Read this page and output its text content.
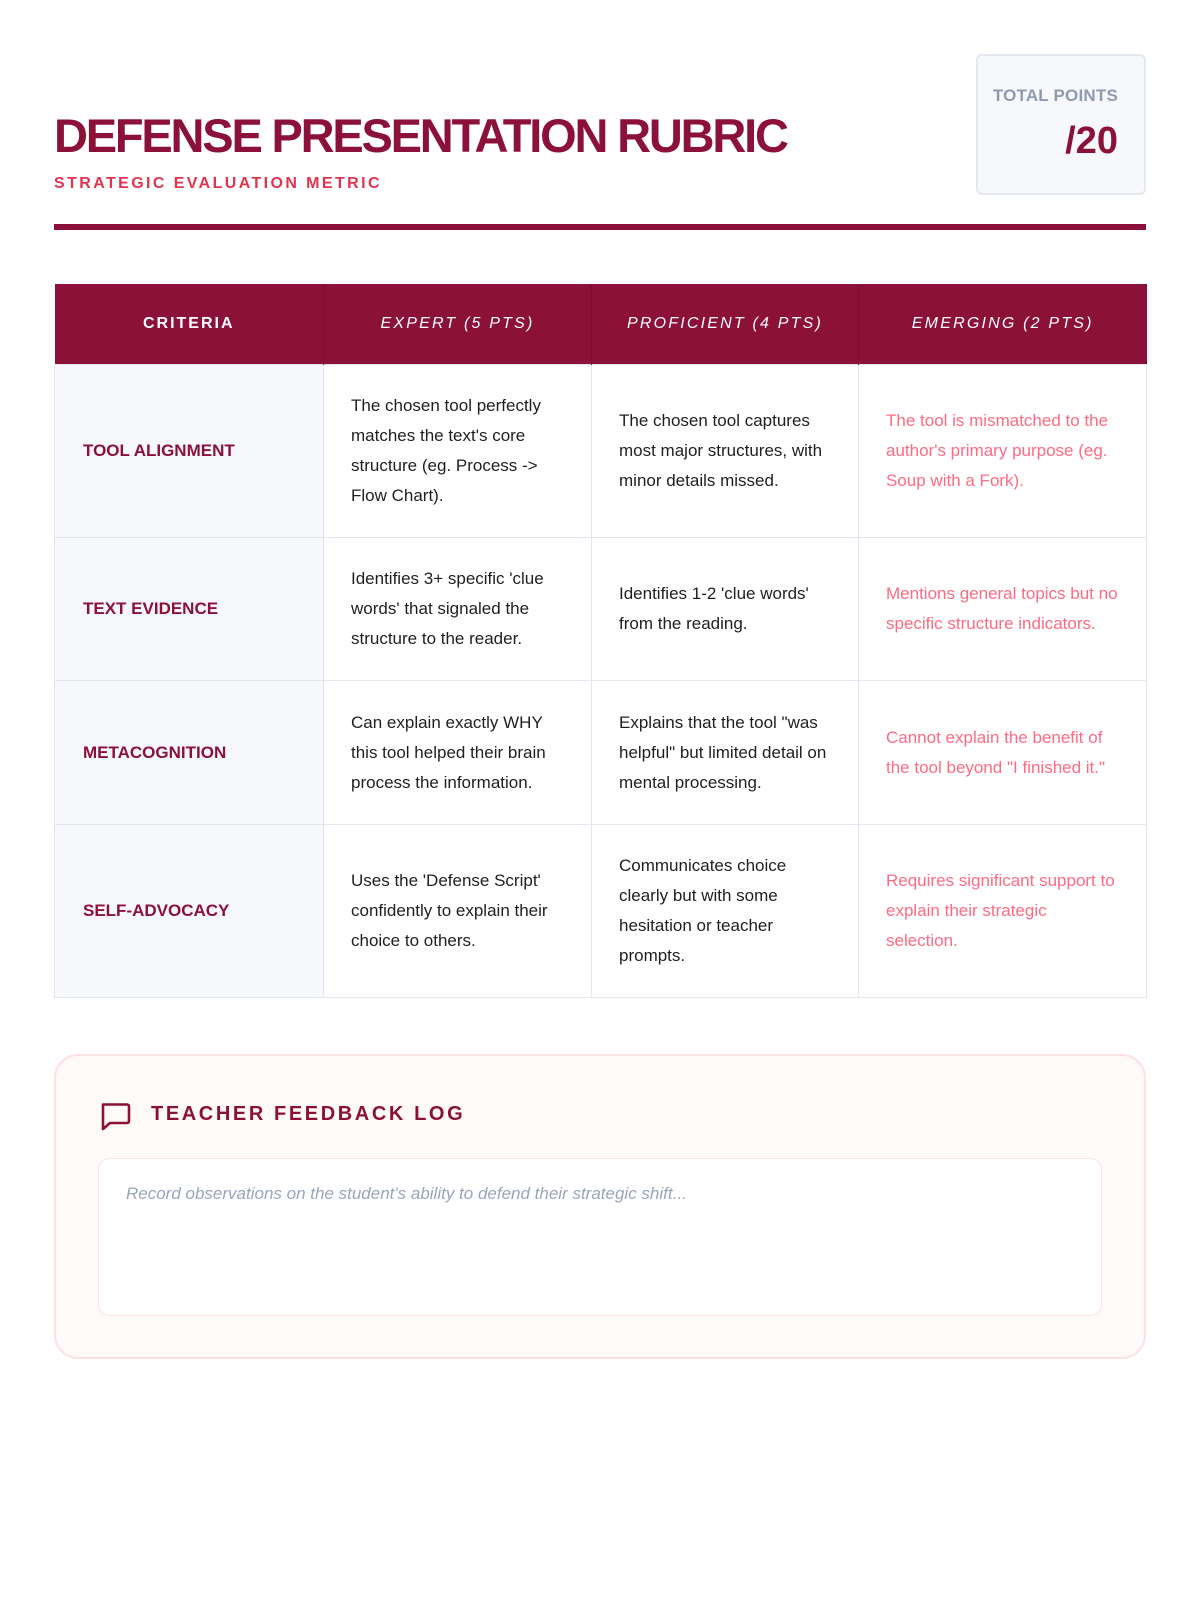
DEFENSE PRESENTATION RUBRIC
STRATEGIC EVALUATION METRIC
TOTAL POINTS
/20
CRITERIA	EXPERT (5 PTS)	PROFICIENT (4 PTS)	EMERGING (2 PTS)
TOOL ALIGNMENT	The chosen tool perfectly matches the text's core structure (eg. Process -> Flow Chart).	The chosen tool captures most major structures, with minor details missed.	The tool is mismatched to the author's primary purpose (eg. Soup with a Fork).
TEXT EVIDENCE	Identifies 3+ specific 'clue words' that signaled the structure to the reader.	Identifies 1-2 'clue words' from the reading.	Mentions general topics but no specific structure indicators.
METACOGNITION	Can explain exactly WHY this tool helped their brain process the information.	Explains that the tool "was helpful" but limited detail on mental processing.	Cannot explain the benefit of the tool beyond "I finished it."
SELF-ADVOCACY	Uses the 'Defense Script' confidently to explain their choice to others.	Communicates choice clearly but with some hesitation or teacher prompts.	Requires significant support to explain their strategic selection.
TEACHER FEEDBACK LOG
Record observations on the student's ability to defend their strategic shift...
